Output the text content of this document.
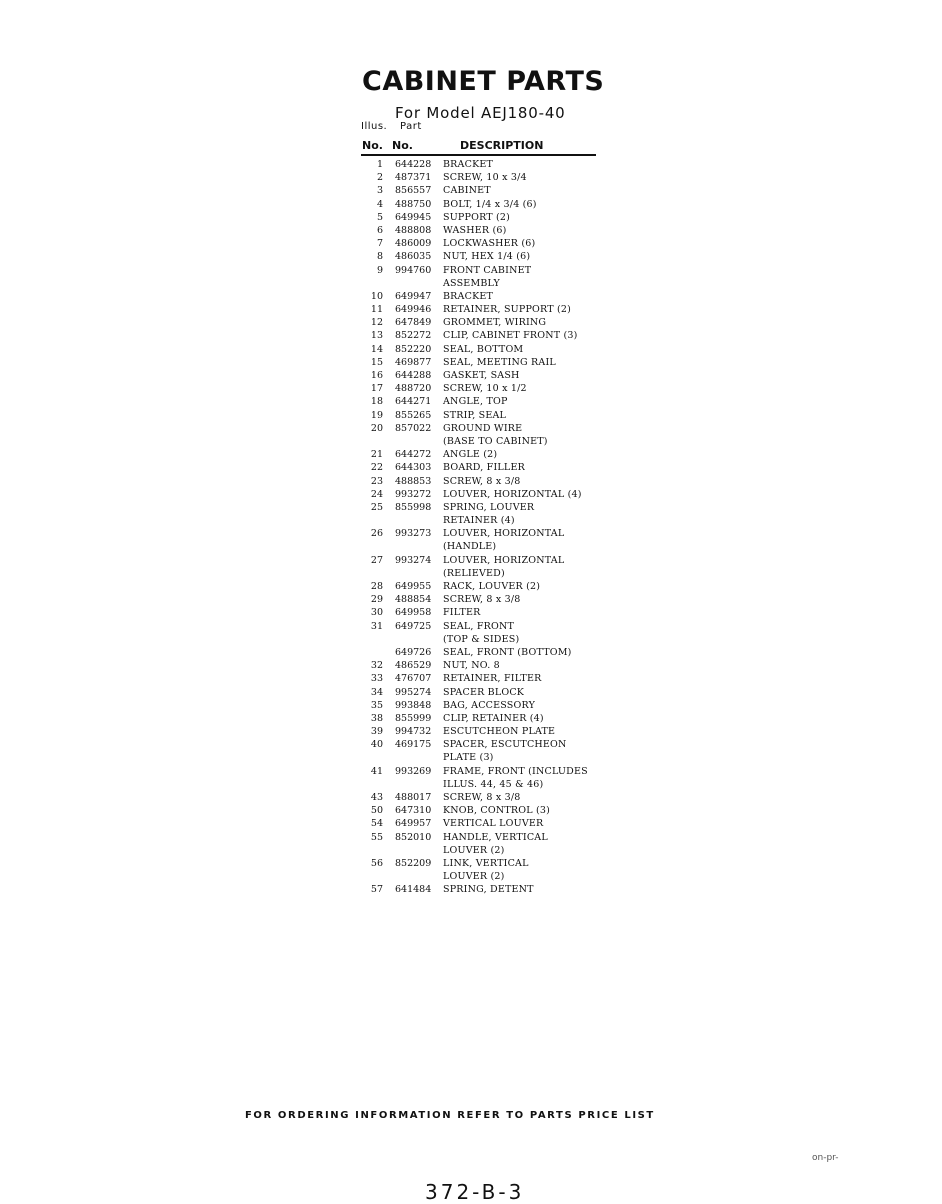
CABINET PARTS
For Model AEJ180-40
Illus. Part
No. No.	DESCRIPTION
1 644228 BRACKET
2 487371 SCREW, 10 x 3/4
3 856557 CABINET
4 488750 BOLT, 1/4 x 3/4 (6)
5 649945 SUPPORT (2)
6 488808 WASHER (6)
7 486009 LOCKWASHER (6)
8 486035 NUT, HEX 1/4 (6)
9 994760 FRONT CABINET
ASSEMBLY
10 649947 BRACKET
11 649946 RETAINER, SUPPORT (2)
12 647849 GROMMET, WIRING
13 852272 CLIP, CABINET FRONT (3)
14 852220 SEAL, BOTTOM
15 469877 SEAL, MEETING RAIL
16 644288 GASKET, SASH
17 488720 SCREW, 10 x 1/2
18 644271 ANGLE, TOP
19 855265 STRIP, SEAL
20 857022 GROUND WIRE
(BASE TO CABINET)
21 644272 ANGLE (2)
22 644303 BOARD, FILLER
23 488853 SCREW, 8 x 3/8
24 993272 LOUVER, HORIZONTAL (4)
25 855998 SPRING, LOUVER
RETAINER (4)
26 993273 LOUVER, HORIZONTAL
(HANDLE)
27 993274 LOUVER, HORIZONTAL
(RELIEVED)
28 649955 RACK, LOUVER (2)
29 488854 SCREW, 8 x 3/8
30 649958 FILTER
31 649725 SEAL, FRONT
(TOP & SIDES)
649726 SEAL, FRONT (BOTTOM)
32 486529 NUT, NO. 8
33 476707 RETAINER, FILTER
34 995274 SPACER BLOCK
35 993848 BAG, ACCESSORY
38 855999 CLIP, RETAINER (4)
39 994732 ESCUTCHEON PLATE
40 469175 SPACER, ESCUTCHEON
PLATE (3)
41 993269 FRAME, FRONT (INCLUDES
ILLUS. 44, 45 & 46)
43 488017 SCREW, 8 x 3/8
50 647310 KNOB, CONTROL (3)
54 649957 VERTICAL LOUVER
55 852010 HANDLE, VERTICAL
LOUVER (2)
56 852209 LINK, VERTICAL
LOUVER (2)
57 641484 SPRING, DETENT
FOR ORDERING INFORMATION REFER TO PARTS PRICE LIST
on-pr-
372-B-3
